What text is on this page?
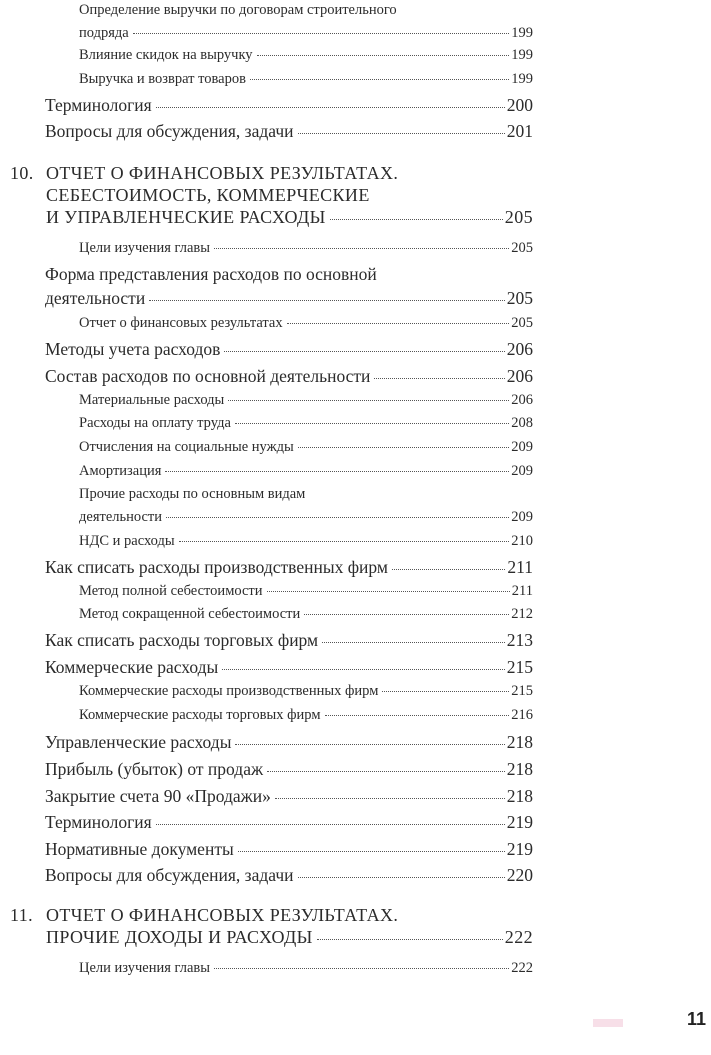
Определение выручки по договорам строительного
подряда	199
Влияние скидок на выручку	199
Выручка и возврат товаров	199
Терминология	200
Вопросы для обсуждения, задачи	201
10. ОТЧЕТ О ФИНАНСОВЫХ РЕЗУЛЬТАТАХ.
СЕБЕСТОИМОСТЬ, КОММЕРЧЕСКИЕ
И УПРАВЛЕНЧЕСКИЕ РАСХОДЫ	205
Цели изучения главы	205
Форма представления расходов по основной
деятельности	205
Отчет о финансовых результатах	205
Методы учета расходов	206
Состав расходов по основной деятельности	206
Материальные расходы	206
Расходы на оплату труда	208
Отчисления на социальные нужды	209
Амортизация	209
Прочие расходы по основным видам
деятельности	209
НДС и расходы	210
Как списать расходы производственных фирм	211
Метод полной себестоимости	211
Метод сокращенной себестоимости	212
Как списать расходы торговых фирм	213
Коммерческие расходы	215
Коммерческие расходы производственных фирм	215
Коммерческие расходы торговых фирм	216
Управленческие расходы	218
Прибыль (убыток) от продаж	218
Закрытие счета 90 «Продажи»	218
Терминология	219
Нормативные документы	219
Вопросы для обсуждения, задачи	220
11. ОТЧЕТ О ФИНАНСОВЫХ РЕЗУЛЬТАТАХ.
ПРОЧИЕ ДОХОДЫ И РАСХОДЫ	222
Цели изучения главы	222
11
